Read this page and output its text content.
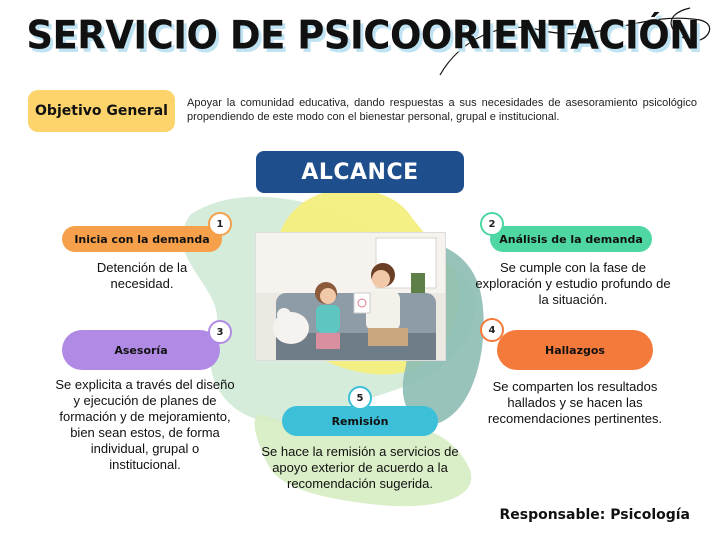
SERVICIO DE PSICOORIENTACIÓN
Objetivo General	Apoyar la comunidad educativa, dando respuestas a sus necesidades de asesoramiento psicológico propendiendo de este modo con el bienestar personal, grupal e institucional.
ALCANCE
Inicia con la demanda
1
Detención de la necesidad.
Análisis de la demanda
2
Se cumple con la fase de exploración y estudio profundo de la situación.
Asesoría
3
Se explicita a través del diseño y ejecución de planes de formación y de mejoramiento, bien sean estos, de forma individual, grupal o institucional.
Hallazgos
4
Se comparten los resultados hallados y se hacen las recomendaciones pertinentes.
Remisión
5
Se hace la remisión a servicios de apoyo exterior de acuerdo a la recomendación sugerida.
Responsable: Psicología
